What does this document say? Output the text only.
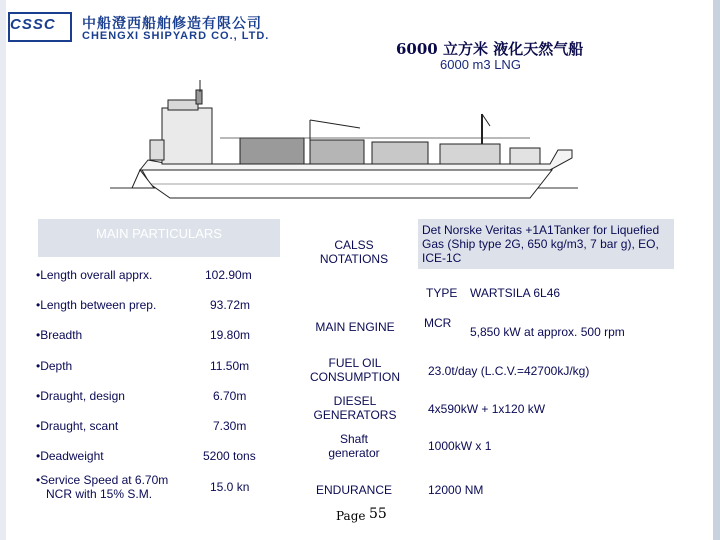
CSSC 中船澄西船舶修造有限公司
CHENGXI SHIPYARD CO., LTD.
6000 立方米 液化天然气船
6000 m3 LNG
MAIN PARTICULARS
•Length overall apprx.	102.90m
•Length between prep.	93.72m
•Breadth	19.80m
•Depth	11.50m
•Draught, design	6.70m
•Draught, scant	7.30m
•Deadweight	5200 tons
•Service Speed at 6.70m
NCR with 15% S.M.	15.0 kn
CALSS NOTATIONS
Det Norske Veritas +1A1Tanker for Liquefied Gas (Ship type 2G, 650 kg/m3, 7 bar g), EO, ICE-1C
TYPE WARTSILA 6L46
MAIN ENGINE	MCR
5,850 kW at approx. 500 rpm
FUEL OIL CONSUMPTION	23.0t/day (L.C.V.=42700kJ/kg)
DIESEL GENERATORS	4x590kW + 1x120 kW
Shaft generator	1000kW x 1
ENDURANCE	12000 NM
Page 55
